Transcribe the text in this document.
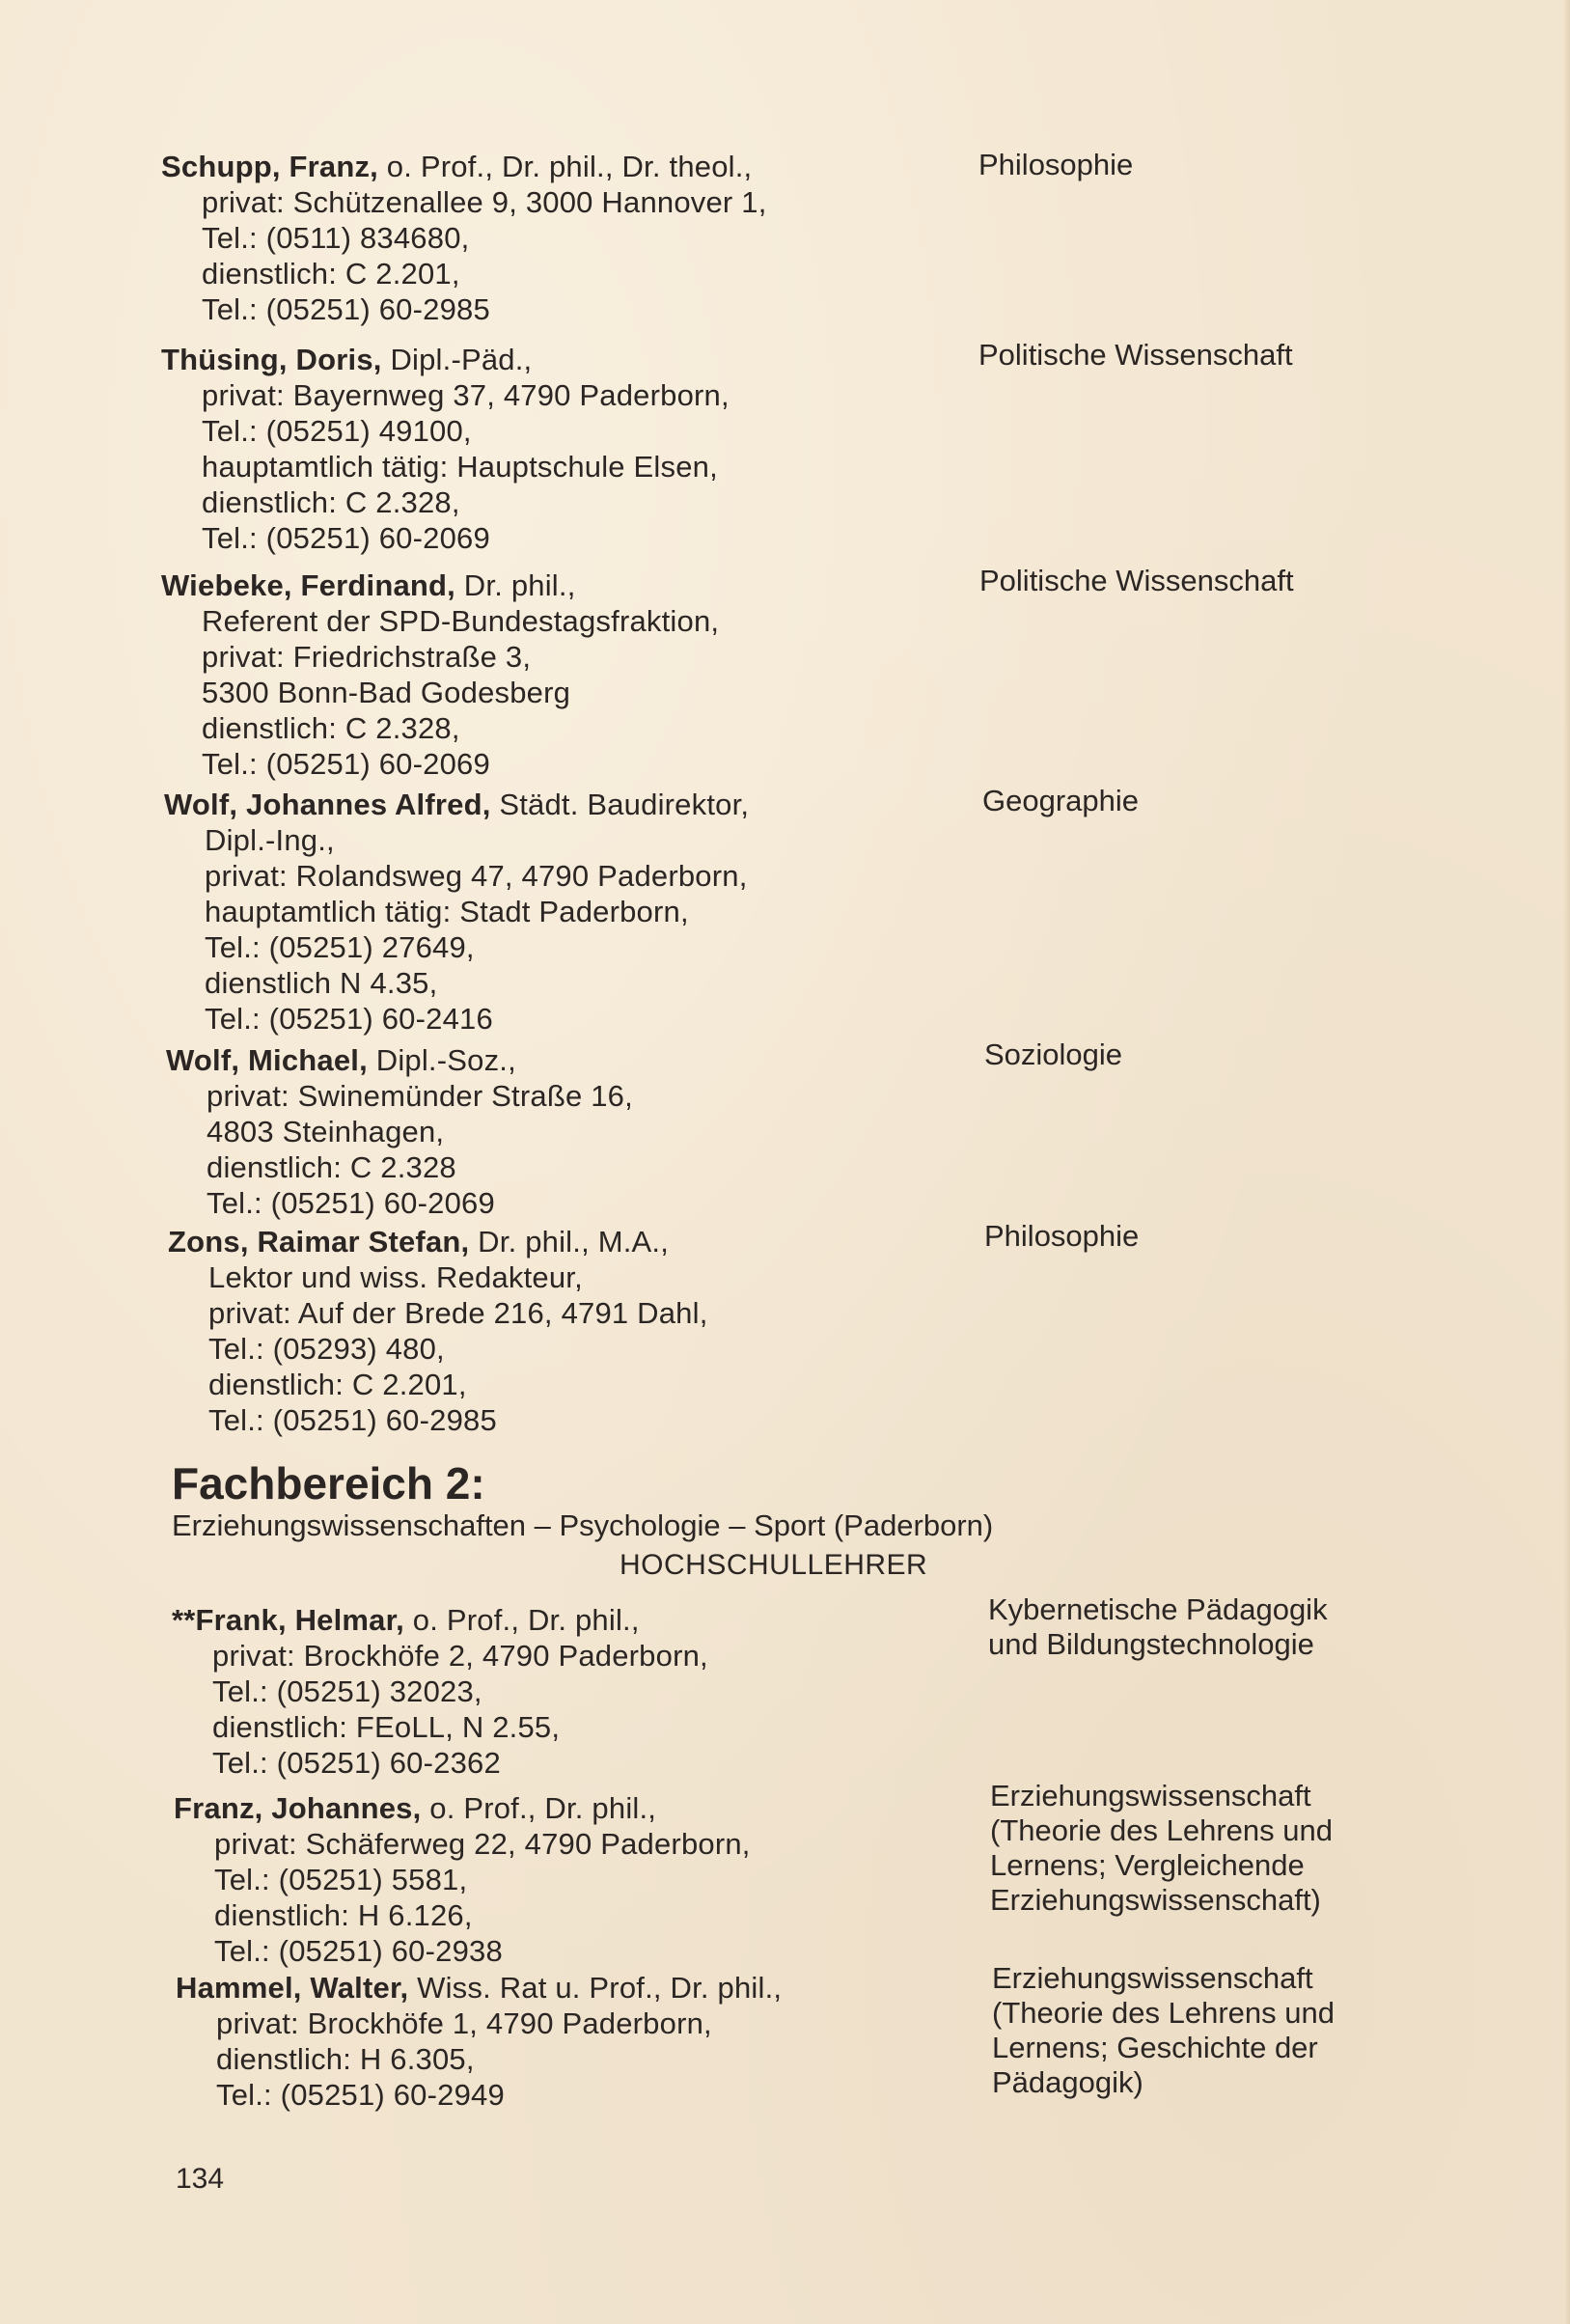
Schupp, Franz, o. Prof., Dr. phil., Dr. theol.,
privat: Schützenallee 9, 3000 Hannover 1,
Tel.: (0511) 834680,
dienstlich: C 2.201,
Tel.: (05251) 60-2985
Philosophie
Thüsing, Doris, Dipl.-Päd.,
privat: Bayernweg 37, 4790 Paderborn,
Tel.: (05251) 49100,
hauptamtlich tätig: Hauptschule Elsen,
dienstlich: C 2.328,
Tel.: (05251) 60-2069
Politische Wissenschaft
Wiebeke, Ferdinand, Dr. phil.,
Referent der SPD-Bundestagsfraktion,
privat: Friedrichstraße 3,
5300 Bonn-Bad Godesberg
dienstlich: C 2.328,
Tel.: (05251) 60-2069
Politische Wissenschaft
Wolf, Johannes Alfred, Städt. Baudirektor,
Dipl.-Ing.,
privat: Rolandsweg 47, 4790 Paderborn,
hauptamtlich tätig: Stadt Paderborn,
Tel.: (05251) 27649,
dienstlich N 4.35,
Tel.: (05251) 60-2416
Geographie
Wolf, Michael, Dipl.-Soz.,
privat: Swinemünder Straße 16,
4803 Steinhagen,
dienstlich: C 2.328
Tel.: (05251) 60-2069
Soziologie
Zons, Raimar Stefan, Dr. phil., M.A.,
Lektor und wiss. Redakteur,
privat: Auf der Brede 216, 4791 Dahl,
Tel.: (05293) 480,
dienstlich: C 2.201,
Tel.: (05251) 60-2985
Philosophie
Fachbereich 2:
Erziehungswissenschaften – Psychologie – Sport (Paderborn)
HOCHSCHULLEHRER
**Frank, Helmar, o. Prof., Dr. phil.,
privat: Brockhöfe 2, 4790 Paderborn,
Tel.: (05251) 32023,
dienstlich: FEoLL, N 2.55,
Tel.: (05251) 60-2362
Kybernetische Pädagogik
und Bildungstechnologie
Franz, Johannes, o. Prof., Dr. phil.,
privat: Schäferweg 22, 4790 Paderborn,
Tel.: (05251) 5581,
dienstlich: H 6.126,
Tel.: (05251) 60-2938
Erziehungswissenschaft
(Theorie des Lehrens und
Lernens; Vergleichende
Erziehungswissenschaft)
Hammel, Walter, Wiss. Rat u. Prof., Dr. phil.,
privat: Brockhöfe 1, 4790 Paderborn,
dienstlich: H 6.305,
Tel.: (05251) 60-2949
Erziehungswissenschaft
(Theorie des Lehrens und
Lernens; Geschichte der
Pädagogik)
134
